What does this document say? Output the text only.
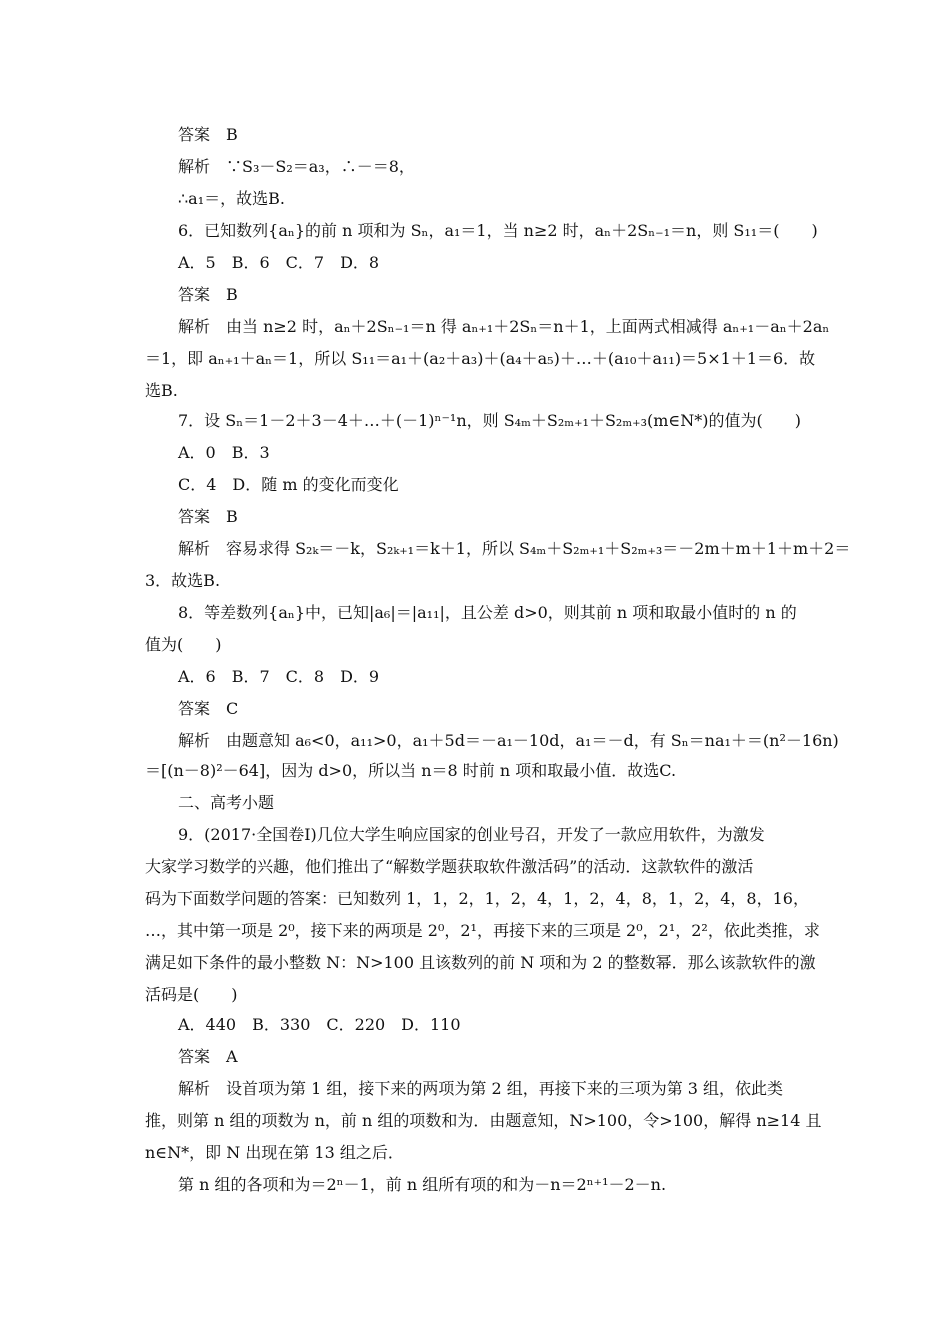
答案　B
解析　∵S₃－S₂＝a₃，∴－＝8，
∴a₁＝，故选B.
6．已知数列{aₙ}的前 n 项和为 Sₙ，a₁＝1，当 n≥2 时，aₙ＋2Sₙ₋₁＝n，则 S₁₁＝(　　)
A．5　B．6　C．7　D．8
答案　B
解析　由当 n≥2 时，aₙ＋2Sₙ₋₁＝n 得 aₙ₊₁＋2Sₙ＝n＋1，上面两式相减得 aₙ₊₁－aₙ＋2aₙ
＝1，即 aₙ₊₁＋aₙ＝1，所以 S₁₁＝a₁＋(a₂＋a₃)＋(a₄＋a₅)＋…＋(a₁₀＋a₁₁)＝5×1＋1＝6．故
选B.
7．设 Sₙ＝1－2＋3－4＋…＋(－1)ⁿ⁻¹n，则 S₄ₘ＋S₂ₘ₊₁＋S₂ₘ₊₃(m∈N*)的值为(　　)
A．0　B．3
C．4　D．随 m 的变化而变化
答案　B
解析　容易求得 S₂ₖ＝－k，S₂ₖ₊₁＝k＋1，所以 S₄ₘ＋S₂ₘ₊₁＋S₂ₘ₊₃＝－2m＋m＋1＋m＋2＝
3．故选B.
8．等差数列{aₙ}中，已知|a₆|＝|a₁₁|，且公差 d>0，则其前 n 项和取最小值时的 n 的
值为(　　)
A．6　B．7　C．8　D．9
答案　C
解析　由题意知 a₆<0，a₁₁>0，a₁＋5d＝－a₁－10d，a₁＝－d，有 Sₙ＝na₁＋＝(n²－16n)
＝[(n－8)²－64]，因为 d>0，所以当 n＝8 时前 n 项和取最小值．故选C.
二、高考小题
9．(2017·全国卷Ⅰ)几位大学生响应国家的创业号召，开发了一款应用软件，为激发
大家学习数学的兴趣，他们推出了“解数学题获取软件激活码”的活动．这款软件的激活
码为下面数学问题的答案：已知数列 1，1，2，1，2，4，1，2，4，8，1，2，4，8，16，
…，其中第一项是 2⁰，接下来的两项是 2⁰，2¹，再接下来的三项是 2⁰，2¹，2²，依此类推，求
满足如下条件的最小整数 N：N>100 且该数列的前 N 项和为 2 的整数幂．那么该款软件的激
活码是(　　)
A．440　B．330　C．220　D．110
答案　A
解析　设首项为第 1 组，接下来的两项为第 2 组，再接下来的三项为第 3 组，依此类
推，则第 n 组的项数为 n，前 n 组的项数和为．由题意知，N>100，令>100，解得 n≥14 且
n∈N*，即 N 出现在第 13 组之后．
第 n 组的各项和为＝2ⁿ－1，前 n 组所有项的和为－n＝2ⁿ⁺¹－2－n.
